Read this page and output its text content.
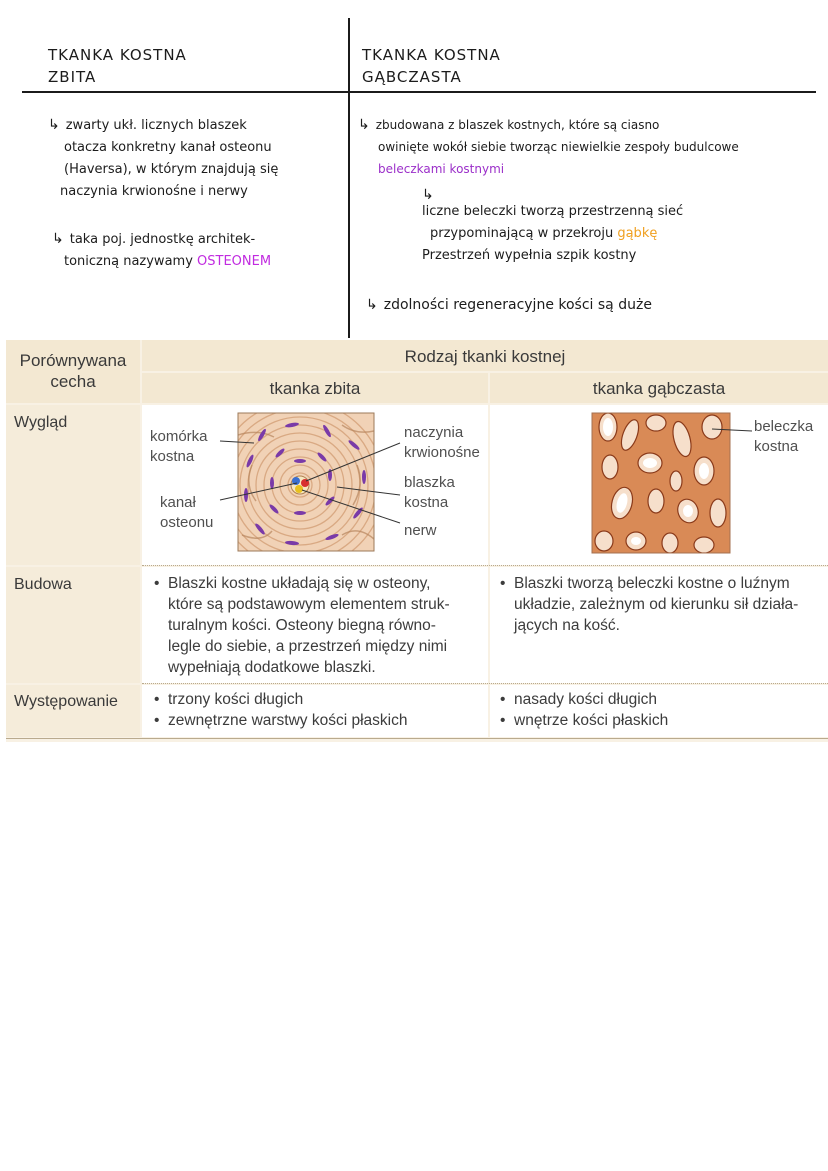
TKANKA KOSTNA
ZBITA
TKANKA KOSTNA
GĄBCZASTA
↳ zwarty ukł. licznych blaszek
otacza konkretny kanał osteonu
(Haversa), w którym znajdują się
naczynia krwionośne i nerwy
↳ taka poj. jednostkę architek-
toniczną nazywamy OSTEONEM
↳ zbudowana z blaszek kostnych, które są ciasno
owinięte wokół siebie tworząc niewielkie zespoły budulcowe
beleczkami kostnymi
↳
liczne beleczki tworzą przestrzenną sieć
przypominającą w przekroju gąbkę
Przestrzeń wypełnia szpik kostny
↳ zdolności regeneracyjne kości są duże
Porównywana
cecha
Rodzaj tkanki kostnej
tkanka zbita	tkanka gąbczasta
Wygląd
Budowa
Występowanie
komórka
kostna
kanał
osteonu
naczynia
krwionośne
blaszka
kostna
nerw
beleczka
kostna
• Blaszki kostne układają się w osteony,
które są podstawowym elementem struk-
turalnym kości. Osteony biegną równo-
legle do siebie, a przestrzeń między nimi
wypełniają dodatkowe blaszki.
• Blaszki tworzą beleczki kostne o luźnym
układzie, zależnym od kierunku sił działa-
jących na kość.
• trzony kości długich
• zewnętrzne warstwy kości płaskich
• nasady kości długich
• wnętrze kości płaskich
